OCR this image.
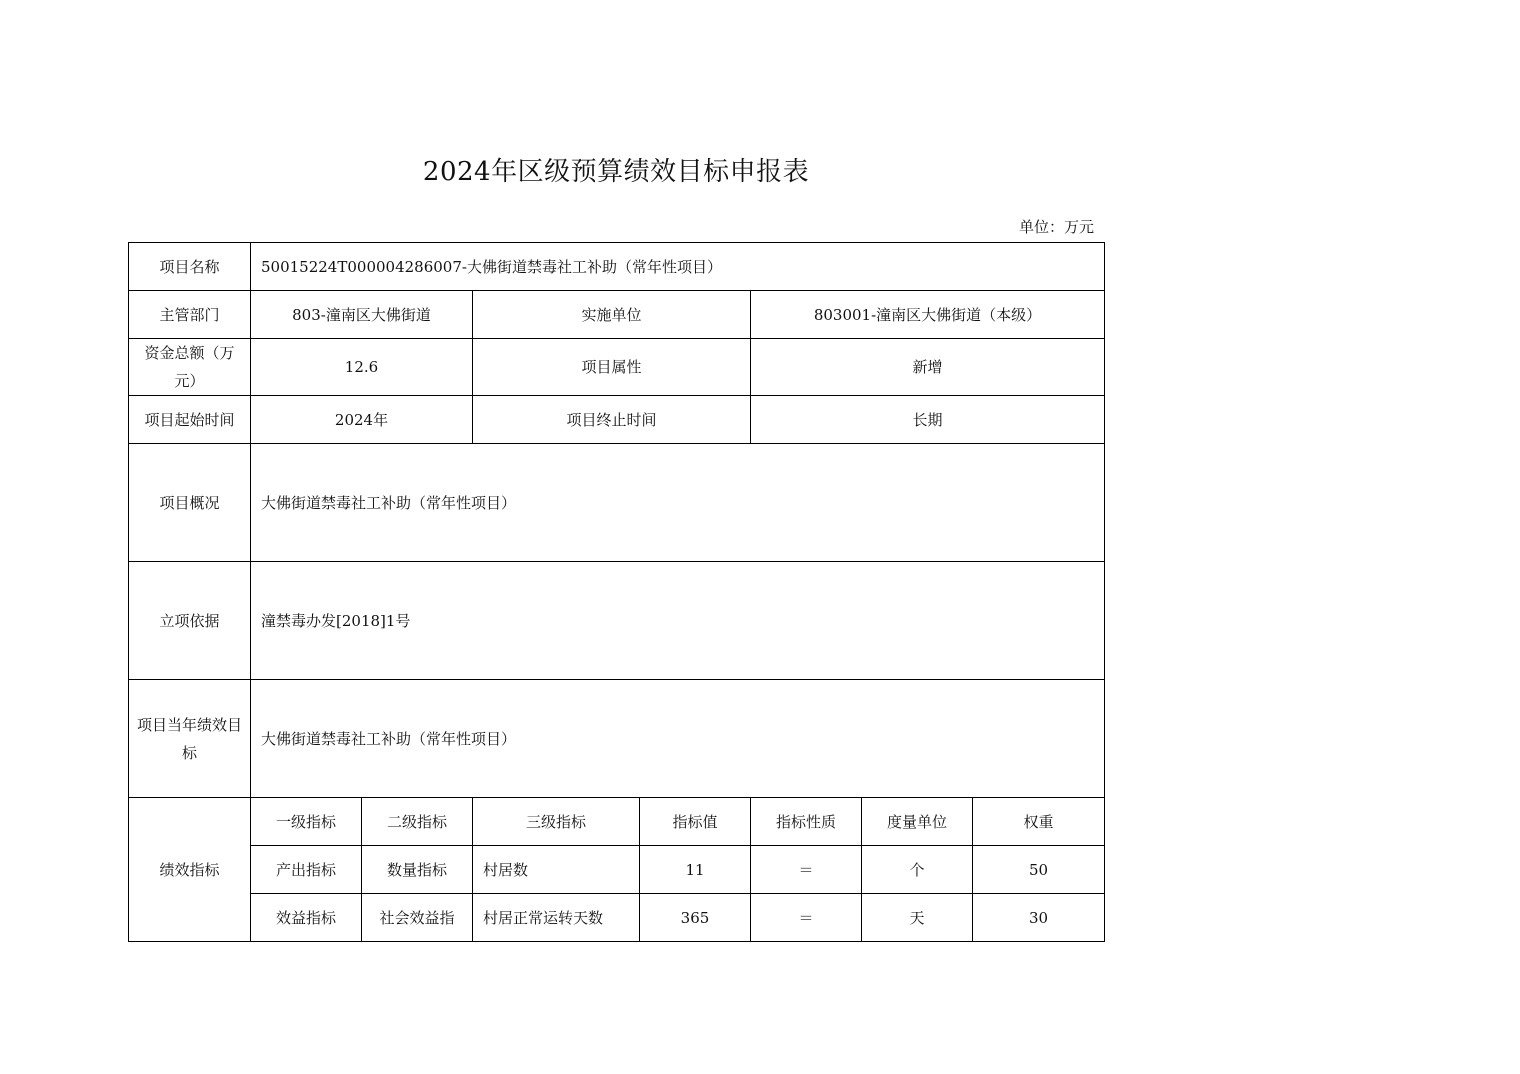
2024年区级预算绩效目标申报表
单位：万元
项目名称	50015224T000004286007-大佛街道禁毒社工补助（常年性项目）						
主管部门	803-潼南区大佛街道		实施单位		803001-潼南区大佛街道（本级）		
资金总额（万元）	12.6		项目属性		新增		
项目起始时间	2024年		项目终止时间		长期		
项目概况	大佛街道禁毒社工补助（常年性项目）						
立项依据	潼禁毒办发[2018]1号						
项目当年绩效目标	大佛街道禁毒社工补助（常年性项目）						
绩效指标	一级指标	二级指标	三级指标	指标值	指标性质	度量单位	权重
	产出指标	数量指标	村居数	11	＝	个	50
	效益指标	社会效益指	村居正常运转天数	365	＝	天	30
